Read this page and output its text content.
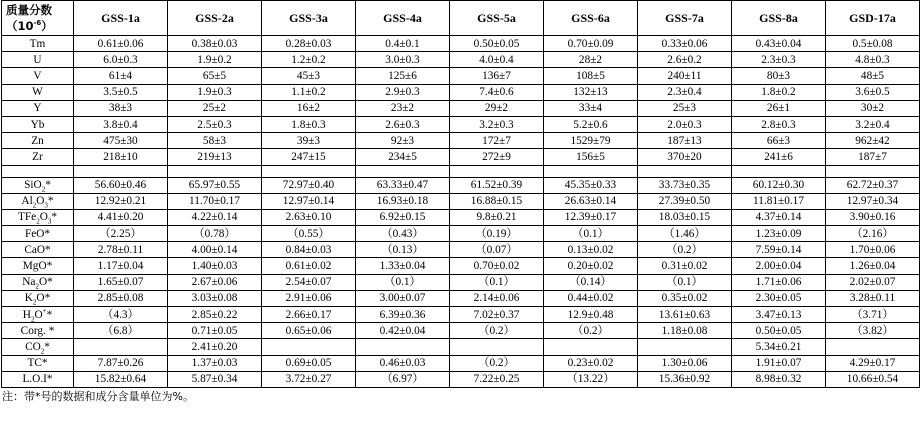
质量分数
$(10^{-6})$	GSS-1a	GSS-2a	GSS-3a	GSS-4a	GSS-5a	GSS-6a	GSS-7a	GSS-8a	GSD-17a
Tm	0.61±0.06	0.38±0.03	0.28±0.03	0.4±0.1	0.50±0.05	0.70±0.09	0.33±0.06	0.43±0.04	0.5±0.08
U	6.0±0.3	1.9±0.2	1.2±0.2	3.0±0.3	4.0±0.4	28±2	2.6±0.2	2.3±0.3	4.8±0.3
V	61±4	65±5	45±3	125±6	136±7	108±5	240±11	80±3	48±5
W	3.5±0.5	1.9±0.3	1.1±0.2	2.9±0.3	7.4±0.6	132±13	2.3±0.4	1.8±0.2	3.6±0.5
Y	38±3	25±2	16±2	23±2	29±2	33±4	25±3	26±1	30±2
Yb	3.8±0.4	2.5±0.3	1.8±0.3	2.6±0.3	3.2±0.3	5.2±0.6	2.0±0.3	2.8±0.3	3.2±0.4
Zn	475±30	58±3	39±3	92±3	172±7	1529±79	187±13	66±3	962±42
Zr	218±10	219±13	247±15	234±5	272±9	156±5	370±20	241±6	187±7

SiO$_2$*	56.60±0.46	65.97±0.55	72.97±0.40	63.33±0.47	61.52±0.39	45.35±0.33	33.73±0.35	60.12±0.30	62.72±0.37
$Al_2O_3*$	12.92±0.21	11.70±0.17	12.97±0.14	16.93±0.18	16.88±0.15	26.63±0.14	27.39±0.50	11.81±0.17	12.97±0.34
$TFe_2O_3*$	4.41±0.20	4.22±0.14	2.63±0.10	6.92±0.15	9.8±0.21	12.39±0.17	18.03±0.15	4.37±0.14	3.90±0.16
FeO*	（2.25）	（0.78）	（0.55）	（0.43）	（0.19）	（0.1）	（1.46）	1.23±0.09	（2.16）
CaO*	2.78±0.11	4.00±0.14	0.84±0.03	（0.13）	（0.07）	0.13±0.02	（0.2）	7.59±0.14	1.70±0.06
MgO*	1.17±0.04	1.40±0.03	0.61±0.02	1.33±0.04	0.70±0.02	0.20±0.02	0.31±0.02	2.00±0.04	1.26±0.04
$Na_2O*$	1.65±0.07	2.67±0.06	2.54±0.07	（0.1）	（0.1）	（0.14）	（0.1）	1.71±0.06	2.02±0.07
$K_2O*$	2.85±0.08	3.03±0.08	2.91±0.06	3.00±0.07	2.14±0.06	0.44±0.02	0.35±0.02	2.30±0.05	3.28±0.11
$H_2O^+*$	（4.3）	2.85±0.22	2.66±0.17	6.39±0.36	7.02±0.37	12.9±0.48	13.61±0.63	3.47±0.13	（3.71）
Corg. *	（6.8）	0.71±0.05	0.65±0.06	0.42±0.04	（0.2）	（0.2）	1.18±0.08	0.50±0.05	（3.82）
$CO_2*$		2.41±0.20						5.34±0.21	
TC*	7.87±0.26	1.37±0.03	0.69±0.05	0.46±0.03	（0.2）	0.23±0.02	1.30±0.06	1.91±0.07	4.29±0.17
L.O.I*	15.82±0.64	5.87±0.34	3.72±0.27	（6.97）	7.22±0.25	（13.22）	15.36±0.92	8.98±0.32	10.66±0.54
注：带*号的数据和成分含量单位为%。
